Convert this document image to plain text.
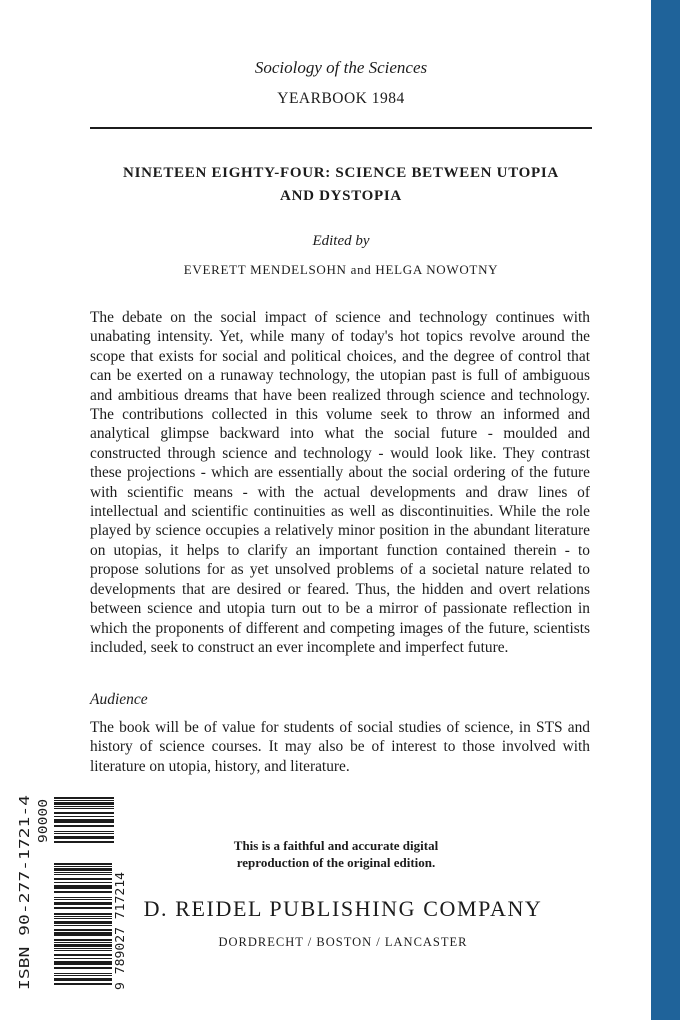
Sociology of the Sciences
YEARBOOK 1984
NINETEEN EIGHTY-FOUR: SCIENCE BETWEEN UTOPIA
AND DYSTOPIA
Edited by
EVERETT MENDELSOHN and HELGA NOWOTNY
The debate on the social impact of science and technology continues with unabating intensity. Yet, while many of today's hot topics revolve around the scope that exists for social and political choices, and the degree of control that can be exerted on a runaway technology, the utopian past is full of ambiguous and ambitious dreams that have been realized through science and technology. The contributions collected in this volume seek to throw an informed and analytical glimpse backward into what the social future - moulded and constructed through science and technology - would look like. They contrast these projections - which are essentially about the social ordering of the future with scientific means - with the actual developments and draw lines of intellectual and scientific continuities as well as discontinuities. While the role played by science occupies a relatively minor position in the abundant literature on utopias, it helps to clarify an important function contained therein - to propose solutions for as yet unsolved problems of a societal nature related to developments that are desired or feared. Thus, the hidden and overt relations between science and utopia turn out to be a mirror of passionate reflection in which the proponents of different and competing images of the future, scientists included, seek to construct an ever incomplete and imperfect future.
Audience
The book will be of value for students of social studies of science, in STS and history of science courses. It may also be of interest to those involved with literature on utopia, history, and literature.
ISBN 90-277-1721-4	9 789027 717214
90000
This is a faithful and accurate digital
reproduction of the original edition.
D. REIDEL PUBLISHING COMPANY
DORDRECHT / BOSTON / LANCASTER
